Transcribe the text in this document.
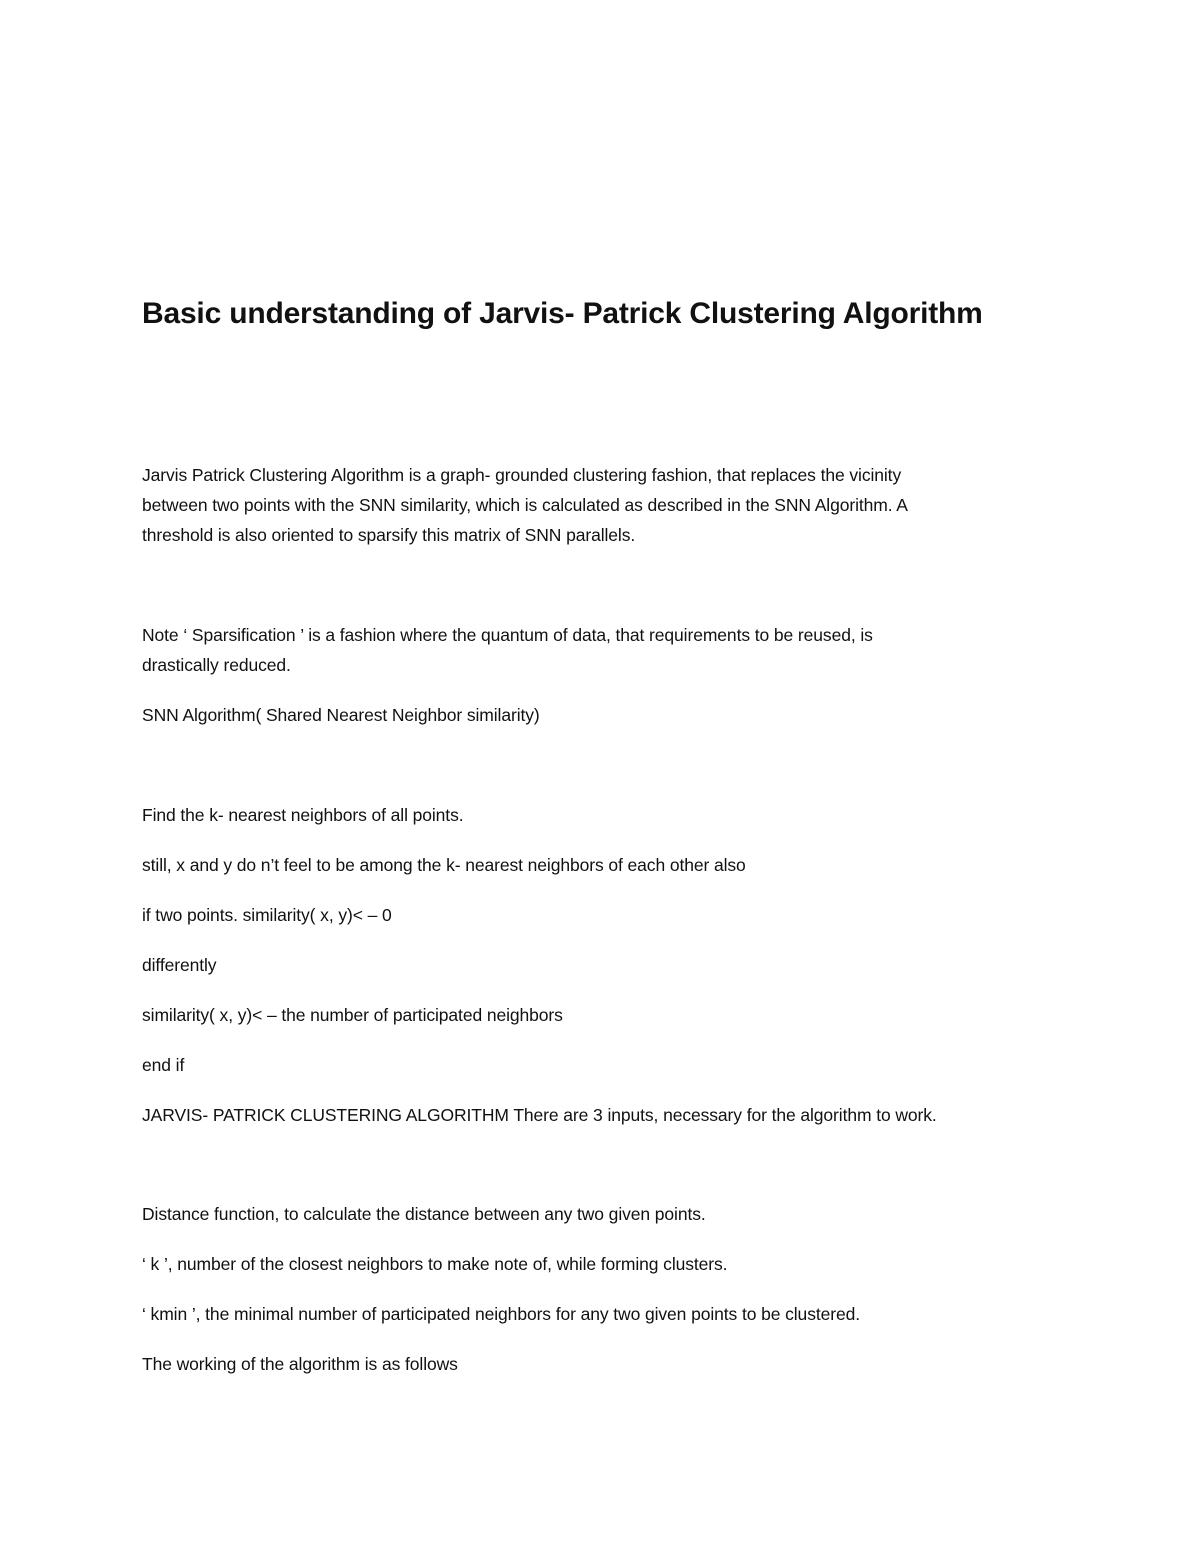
Basic understanding of Jarvis- Patrick Clustering Algorithm

Jarvis Patrick Clustering Algorithm is a graph- grounded clustering fashion, that replaces the vicinity

between two points with the SNN similarity, which is calculated as described in the SNN Algorithm. A

threshold is also oriented to sparsify this matrix of SNN parallels.

Note ‘ Sparsification ’ is a fashion where the quantum of data, that requirements to be reused, is

drastically reduced.

SNN Algorithm( Shared Nearest Neighbor similarity)

Find the k- nearest neighbors of all points.

still, x and y do n’t feel to be among the k- nearest neighbors of each other also

if two points. similarity( x, y)< – 0

differently

similarity( x, y)< – the number of participated neighbors

end if

JARVIS- PATRICK CLUSTERING ALGORITHM There are 3 inputs, necessary for the algorithm to work.

Distance function, to calculate the distance between any two given points.

‘ k ’, number of the closest neighbors to make note of, while forming clusters.

‘ kmin ’, the minimal number of participated neighbors for any two given points to be clustered.

The working of the algorithm is as follows
